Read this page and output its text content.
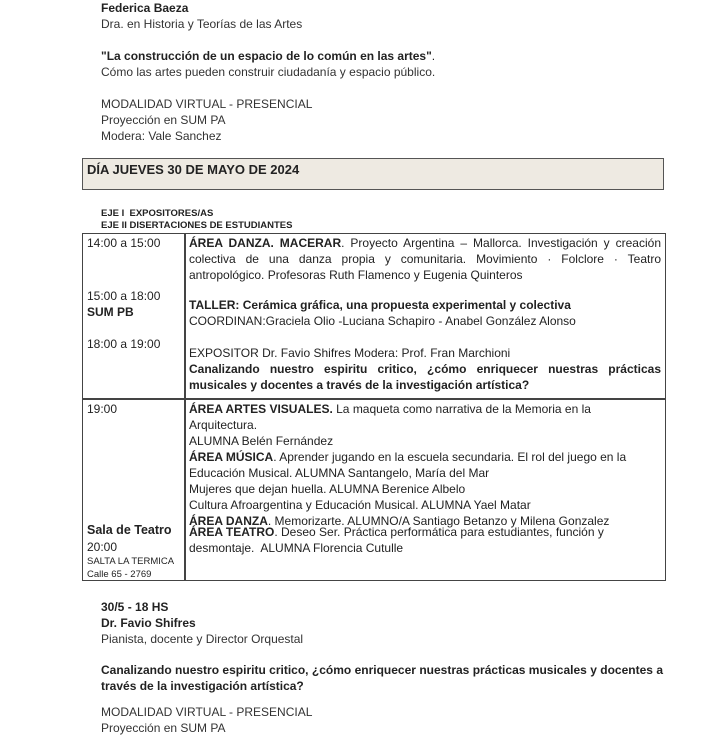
Federica Baeza
Dra. en Historia y Teorías de las Artes
"La construcción de un espacio de lo común en las artes".
Cómo las artes pueden construir ciudadanía y espacio público.
MODALIDAD VIRTUAL - PRESENCIAL
Proyección en SUM PA
Modera: Vale Sanchez
DÍA JUEVES 30 DE MAYO DE 2024
EJE I  EXPOSITORES/AS
EJE II DISERTACIONES DE ESTUDIANTES
14:00 a 15:00
15:00 a 18:00
SUM PB
18:00 a 19:00
ÁREA DANZA. MACERAR. Proyecto Argentina – Mallorca. Investigación y creación colectiva de una danza propia y comunitaria. Movimiento · Folclore · Teatro antropológico. Profesoras Ruth Flamenco y Eugenia Quinteros
TALLER: Cerámica gráfica, una propuesta experimental y colectiva
COORDINAN:Graciela Olio -Luciana Schapiro - Anabel González Alonso
EXPOSITOR Dr. Favio Shifres Modera: Prof. Fran Marchioni
Canalizando nuestro espiritu critico, ¿cómo enriquecer nuestras prácticas musicales y docentes a través de la investigación artística?
19:00
Sala de Teatro
20:00
SALTA LA TERMICA
Calle 65 - 2769
ÁREA ARTES VISUALES. La maqueta como narrativa de la Memoria en la Arquitectura.
ALUMNA Belén Fernández
ÁREA MÚSICA. Aprender jugando en la escuela secundaria. El rol del juego en la
Educación Musical. ALUMNA Santangelo, María del Mar
Mujeres que dejan huella. ALUMNA Berenice Albelo
Cultura Afroargentina y Educación Musical. ALUMNA Yael Matar
ÁREA DANZA. Memorizarte. ALUMNO/A Santiago Betanzo y Milena Gonzalez
ÁREA TEATRO. Deseo Ser. Práctica performática para estudiantes, función y
desmontaje.  ALUMNA Florencia Cutulle
30/5 - 18 HS
Dr. Favio Shifres
Pianista, docente y Director Orquestal
Canalizando nuestro espiritu critico, ¿cómo enriquecer nuestras prácticas musicales y docentes a través de la investigación artística?
MODALIDAD VIRTUAL - PRESENCIAL
Proyección en SUM PA
